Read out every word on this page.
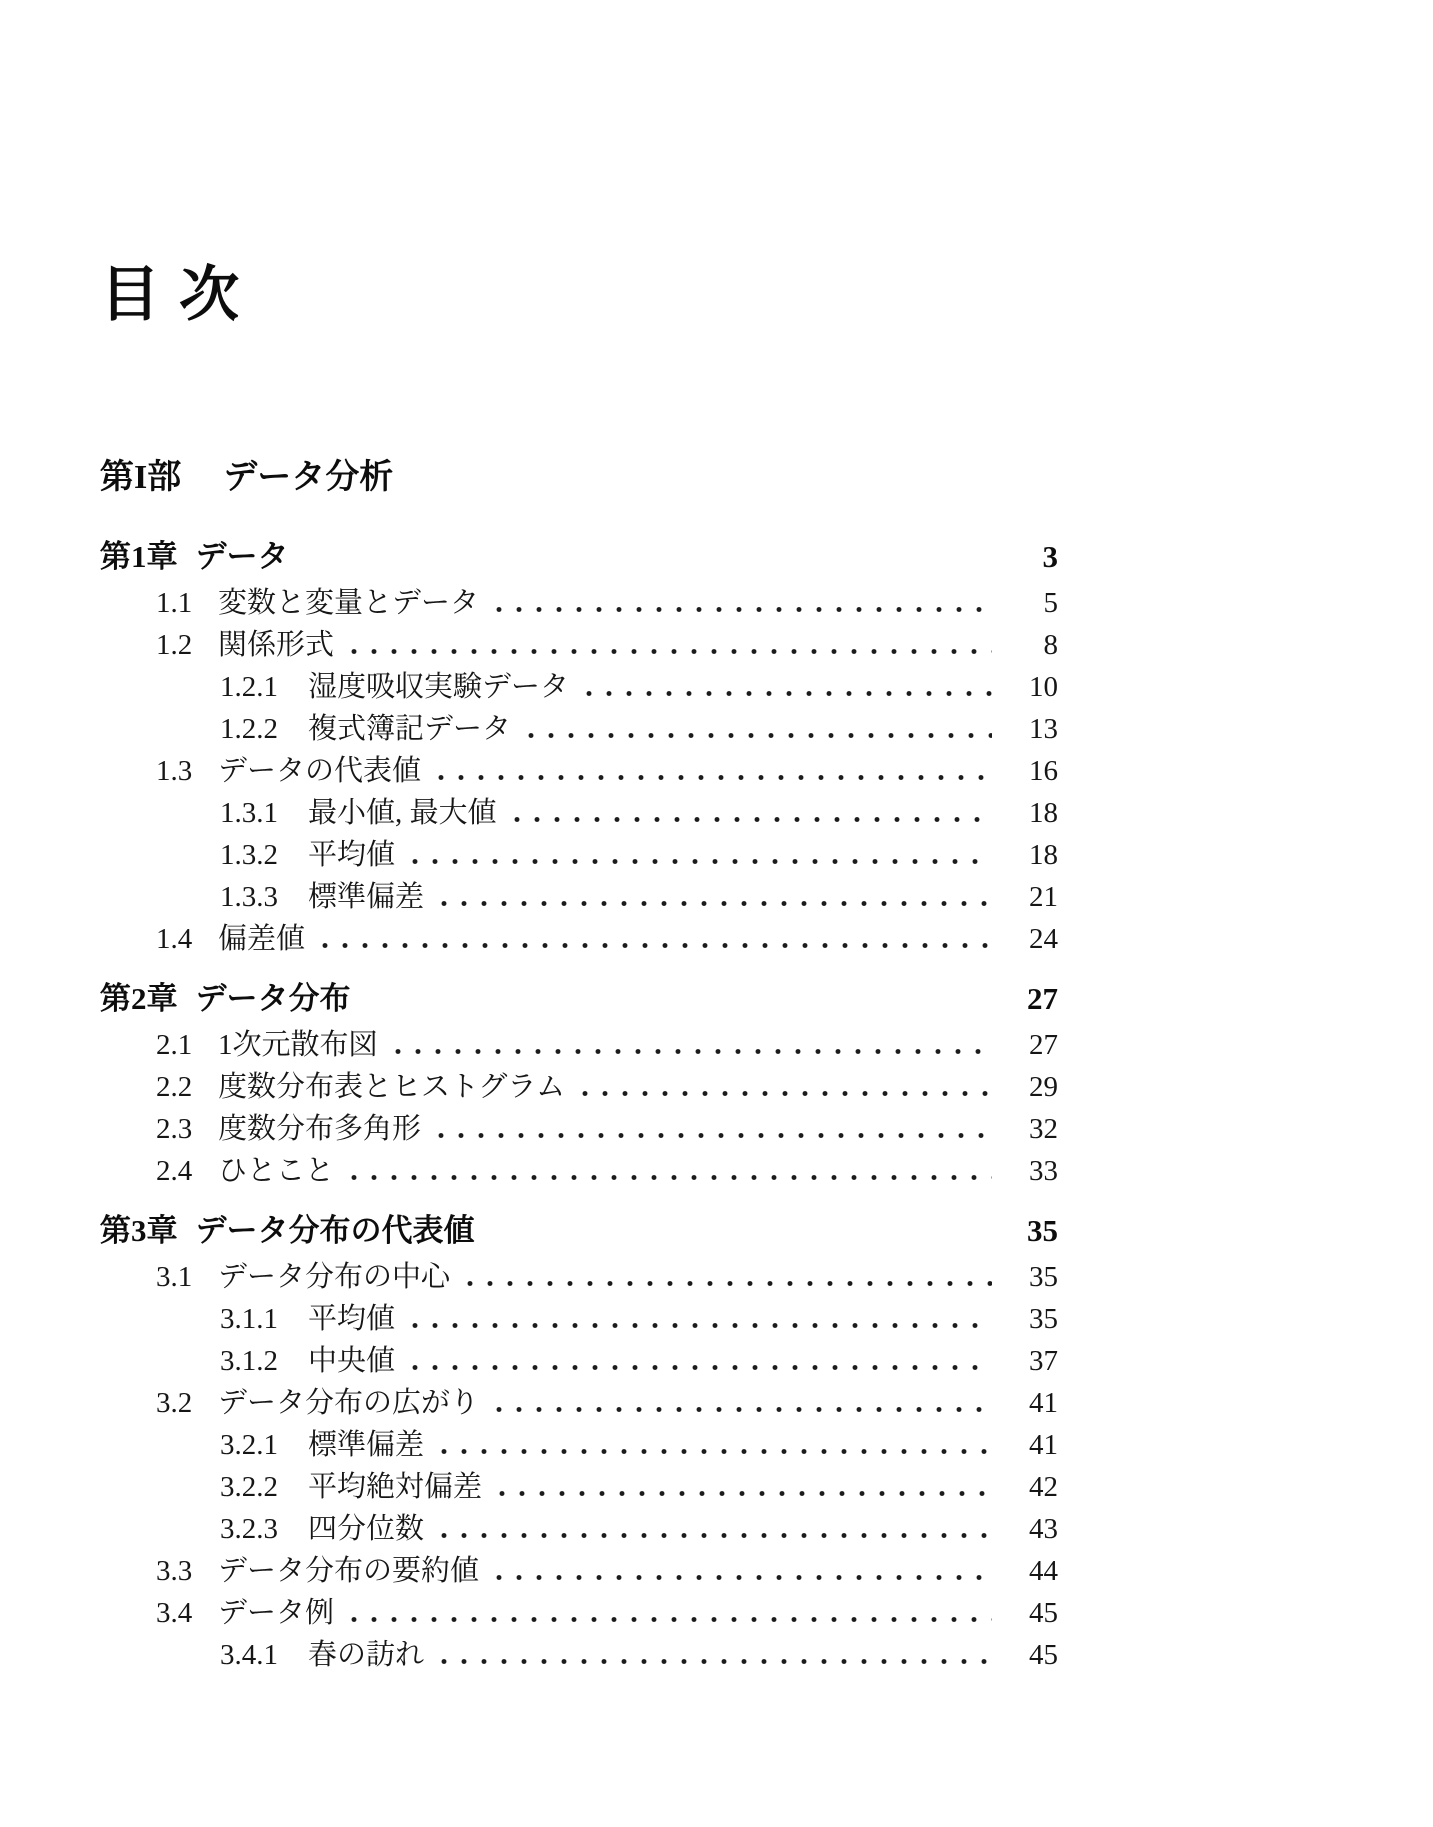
目 次
第I部 データ分析
第1章 データ	3
1.1 変数と変量とデータ	5
1.2 関係形式	8
1.2.1	湿度吸収実験データ	10
1.2.2	複式簿記データ	13
1.3 データの代表値	16
1.3.1	最小値, 最大値	18
1.3.2	平均値	18
1.3.3	標準偏差	21
1.4 偏差値	24
第2章 データ分布	27
2.1 1次元散布図	27
2.2 度数分布表とヒストグラム	29
2.3 度数分布多角形	32
2.4 ひとこと	33
第3章 データ分布の代表値	35
3.1 データ分布の中心	35
3.1.1	平均値	35
3.1.2	中央値	37
3.2 データ分布の広がり	41
3.2.1	標準偏差	41
3.2.2	平均絶対偏差	42
3.2.3	四分位数	43
3.3 データ分布の要約値	44
3.4 データ例	45
3.4.1	春の訪れ	45
